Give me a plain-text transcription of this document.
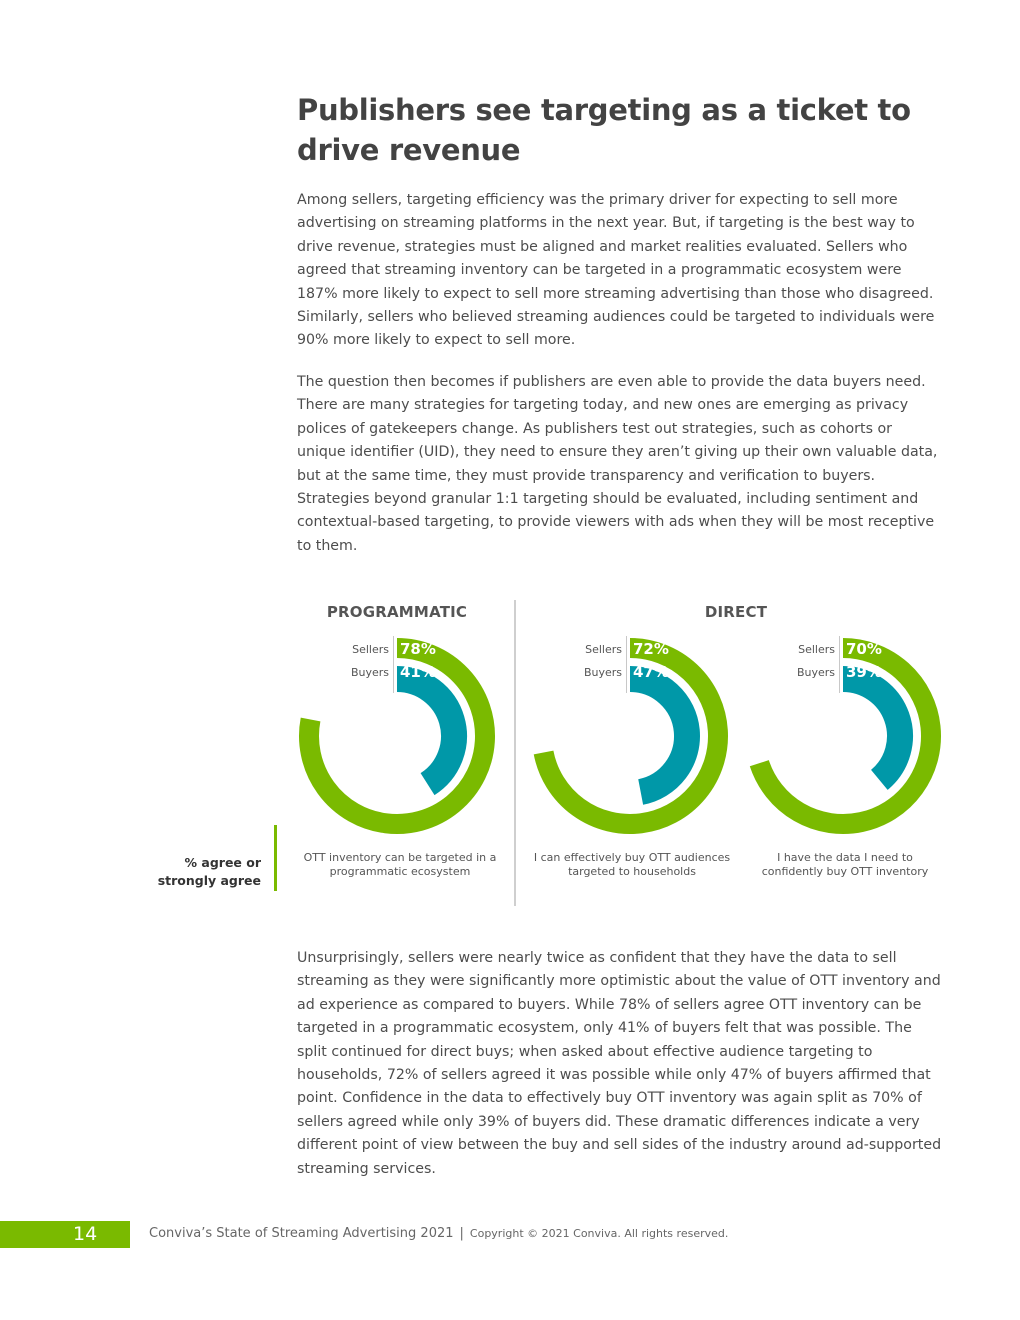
Publishers see targeting as a ticket to drive revenue

Among sellers, targeting efficiency was the primary driver for expecting to sell more advertising on streaming platforms in the next year. But, if targeting is the best way to drive revenue, strategies must be aligned and market realities evaluated. Sellers who agreed that streaming inventory can be targeted in a programmatic ecosystem were 187% more likely to expect to sell more streaming advertising than those who disagreed. Similarly, sellers who believed streaming audiences could be targeted to individuals were 90% more likely to expect to sell more.

The question then becomes if publishers are even able to provide the data buyers need. There are many strategies for targeting today, and new ones are emerging as privacy polices of gatekeepers change. As publishers test out strategies, such as cohorts or unique identifier (UID), they need to ensure they aren’t giving up their own valuable data, but at the same time, they must provide transparency and verification to buyers. Strategies beyond granular 1:1 targeting should be evaluated, including sentiment and contextual-based targeting, to provide viewers with ads when they will be most receptive to them.

PROGRAMMATIC	DIRECT
% agree or strongly agree
Sellers 78%
Buyers 41%
Sellers 72%
Buyers 47%
Sellers 70%
Buyers 39%
OTT inventory can be targeted in a programmatic ecosystem
I can effectively buy OTT audiences targeted to households
I have the data I need to confidently buy OTT inventory

Unsurprisingly, sellers were nearly twice as confident that they have the data to sell streaming as they were significantly more optimistic about the value of OTT inventory and ad experience as compared to buyers. While 78% of sellers agree OTT inventory can be targeted in a programmatic ecosystem, only 41% of buyers felt that was possible. The split continued for direct buys; when asked about effective audience targeting to households, 72% of sellers agreed it was possible while only 47% of buyers affirmed that point. Confidence in the data to effectively buy OTT inventory was again split as 70% of sellers agreed while only 39% of buyers did. These dramatic differences indicate a very different point of view between the buy and sell sides of the industry around ad-supported streaming services.

14	Conviva’s State of Streaming Advertising 2021 | Copyright © 2021 Conviva. All rights reserved.
